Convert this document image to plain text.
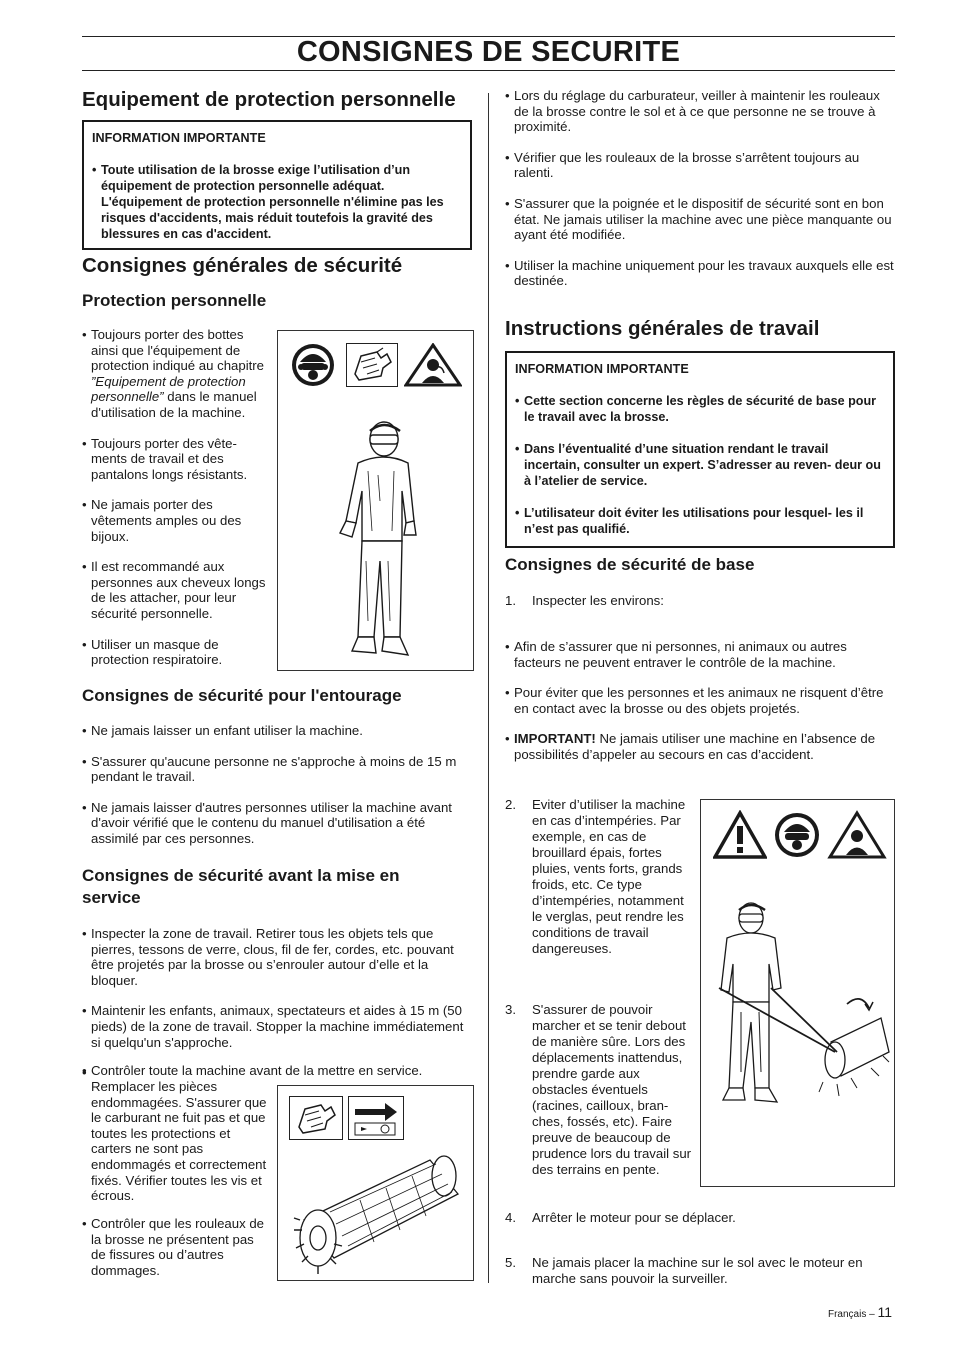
CONSIGNES DE SECURITE
Equipement de protection personnelle
INFORMATION IMPORTANTE
• Toute utilisation de la brosse exige l’utilisation d’un équipement de protection personnelle adéquat. L'équipement de protection personnelle n'élimine pas les risques d'accidents, mais réduit toutefois la gravité des blessures en cas d'accident.
Consignes générales de sécurité
Protection personnelle
• Toujours porter des bottes ainsi que l'équipement de protection indiqué au chapitre ”Equipement de protection personnelle” dans le manuel d'utilisation de la machine.
• Toujours porter des vête- ments de travail et des pantalons longs résistants.
• Ne jamais porter des vêtements amples ou des bijoux.
• Il est recommandé aux personnes aux cheveux longs de les attacher, pour leur sécurité personnelle.
• Utiliser un masque de protection respiratoire.
Consignes de sécurité pour l'entourage
• Ne jamais laisser un enfant utiliser la machine.
• S'assurer qu'aucune personne ne s'approche à moins de 15 m pendant le travail.
• Ne jamais laisser d'autres personnes utiliser la machine avant d'avoir vérifié que le contenu du manuel d'utilisation a été assimilé par ces personnes.
Consignes de sécurité avant la mise en service
• Inspecter la zone de travail. Retirer tous les objets tels que pierres, tessons de verre, clous, fil de fer, cordes, etc. pouvant être projetés par la brosse ou s’enrouler autour d’elle et la bloquer.
• Maintenir les enfants, animaux, spectateurs et aides à 15 m (50 pieds) de la zone de travail. Stopper la machine immédiatement si quelqu'un s'approche.
• Contrôler toute la machine avant de la mettre en service.
Remplacer les pièces endommagées. S'assurer que le carburant ne fuit pas et que toutes les protections et carters ne sont pas endommagés et correctement fixés. Vérifier toutes les vis et écrous.
• Contrôler que les rouleaux de la brosse ne présentent pas de fissures ou d’autres dommages.
• Lors du réglage du carburateur, veiller à maintenir les rouleaux de la brosse contre le sol et à ce que personne ne se trouve à proximité.
• Vérifier que les rouleaux de la brosse s’arrêtent toujours au ralenti.
• S'assurer que la poignée et le dispositif de sécurité sont en bon état. Ne jamais utiliser la machine avec une pièce manquante ou ayant été modifiée.
• Utiliser la machine uniquement pour les travaux auxquels elle est destinée.
Instructions générales de travail
INFORMATION IMPORTANTE
• Cette section concerne les règles de sécurité de base pour le travail avec la brosse.
• Dans l’éventualité d’une situation rendant le travail incertain, consulter un expert. S’adresser au reven- deur ou à l’atelier de service.
• L’utilisateur doit éviter les utilisations pour lesquel- les il n’est pas qualifié.
Consignes de sécurité de base
1. Inspecter les environs:
• Afin de s’assurer que ni personnes, ni animaux ou autres facteurs ne peuvent entraver le contrôle de la machine.
• Pour éviter que les personnes et les animaux ne risquent d’être en contact avec la brosse ou des objets projetés.
• IMPORTANT! Ne jamais utiliser une machine en l’absence de possibilités d’appeler au secours en cas d’accident.
2. Eviter d’utiliser la machine en cas d’intempéries. Par exemple, en cas de brouillard épais, fortes pluies, vents forts, grands froids, etc. Ce type d’intempéries, notamment le verglas, peut rendre les conditions de travail dangereuses.
3. S'assurer de pouvoir marcher et se tenir debout de manière sûre. Lors des déplacements inattendus, prendre garde aux obstacles éventuels (racines, cailloux, bran- ches, fossés, etc). Faire preuve de beaucoup de prudence lors du travail sur des terrains en pente.
4. Arrêter le moteur pour se déplacer.
5. Ne jamais placer la machine sur le sol avec le moteur en marche sans pouvoir la surveiller.
Français – 11
